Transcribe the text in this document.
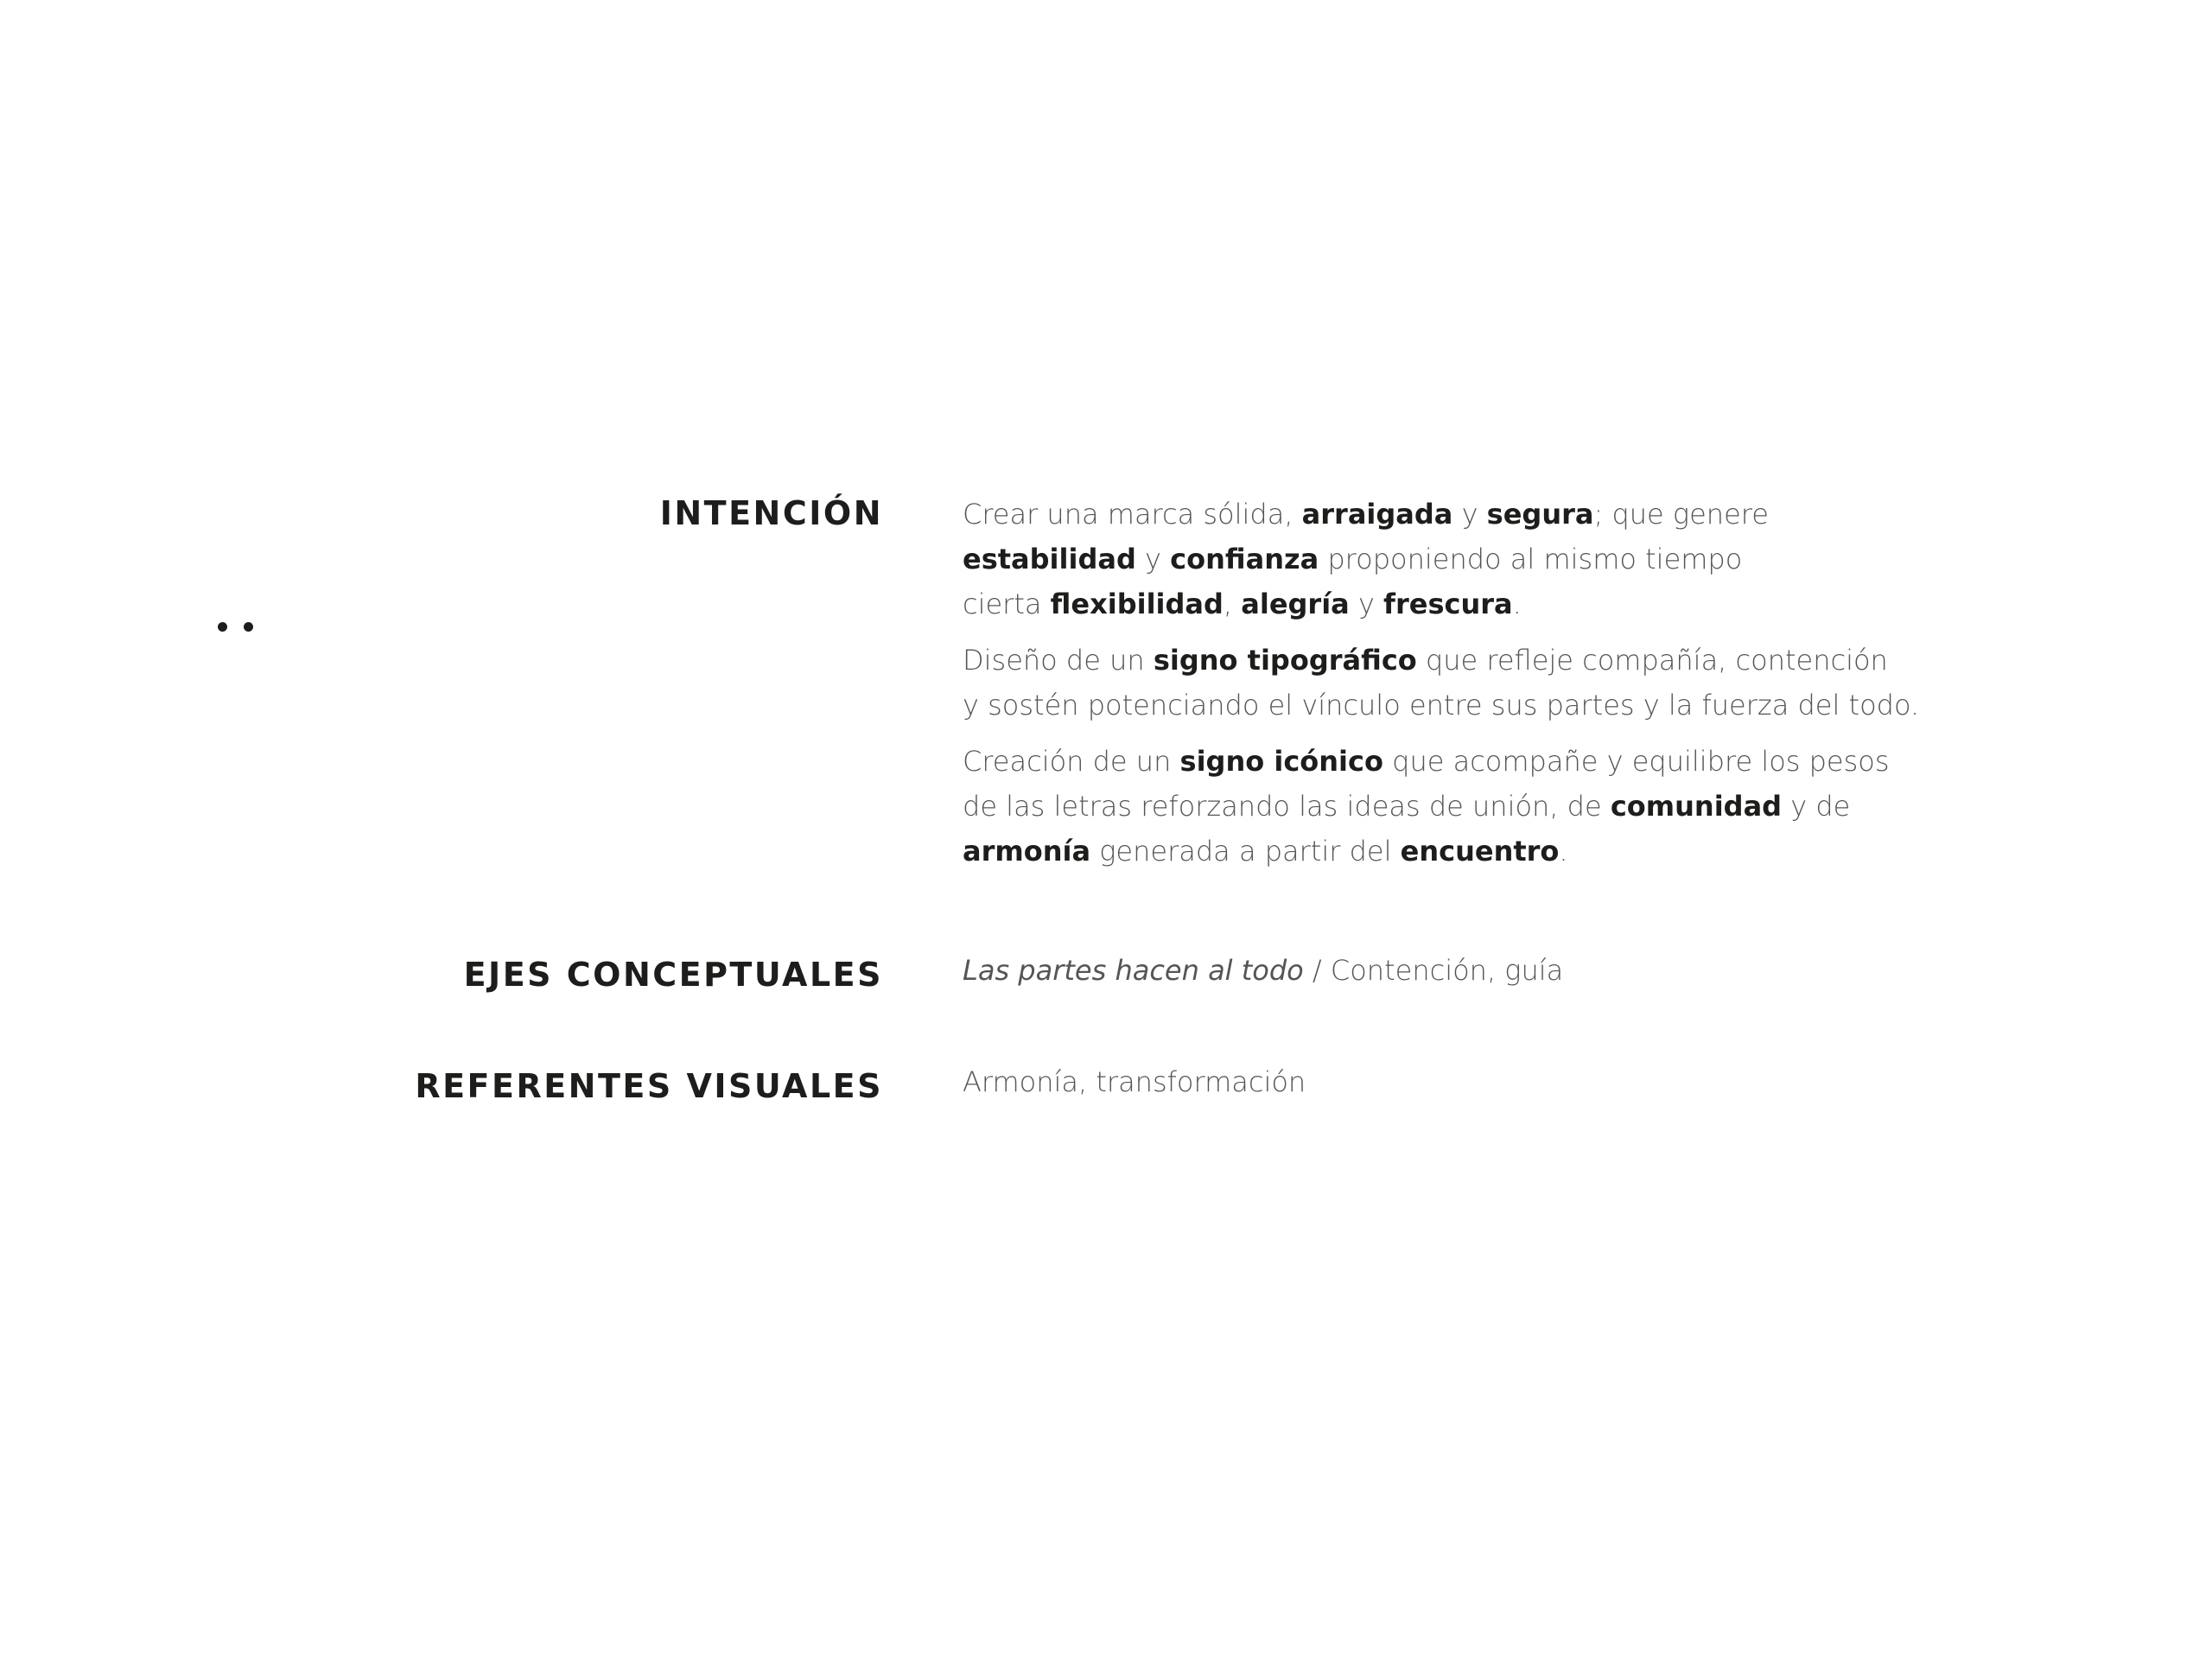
INTENCIÓN	Crear una marca sólida, arraigada y segura; que genere
estabilidad y confianza proponiendo al mismo tiempo
cierta flexibilidad, alegría y frescura.

Diseño de un signo tipográfico que refleje compañía, contención
y sostén potenciando el vínculo entre sus partes y la fuerza del todo.

Creación de un signo icónico que acompañe y equilibre los pesos
de las letras reforzando las ideas de unión, de comunidad y de
armonía generada a partir del encuentro.

EJES CONCEPTUALES	Las partes hacen al todo / Contención, guía

REFERENTES VISUALES	Armonía, transformación
